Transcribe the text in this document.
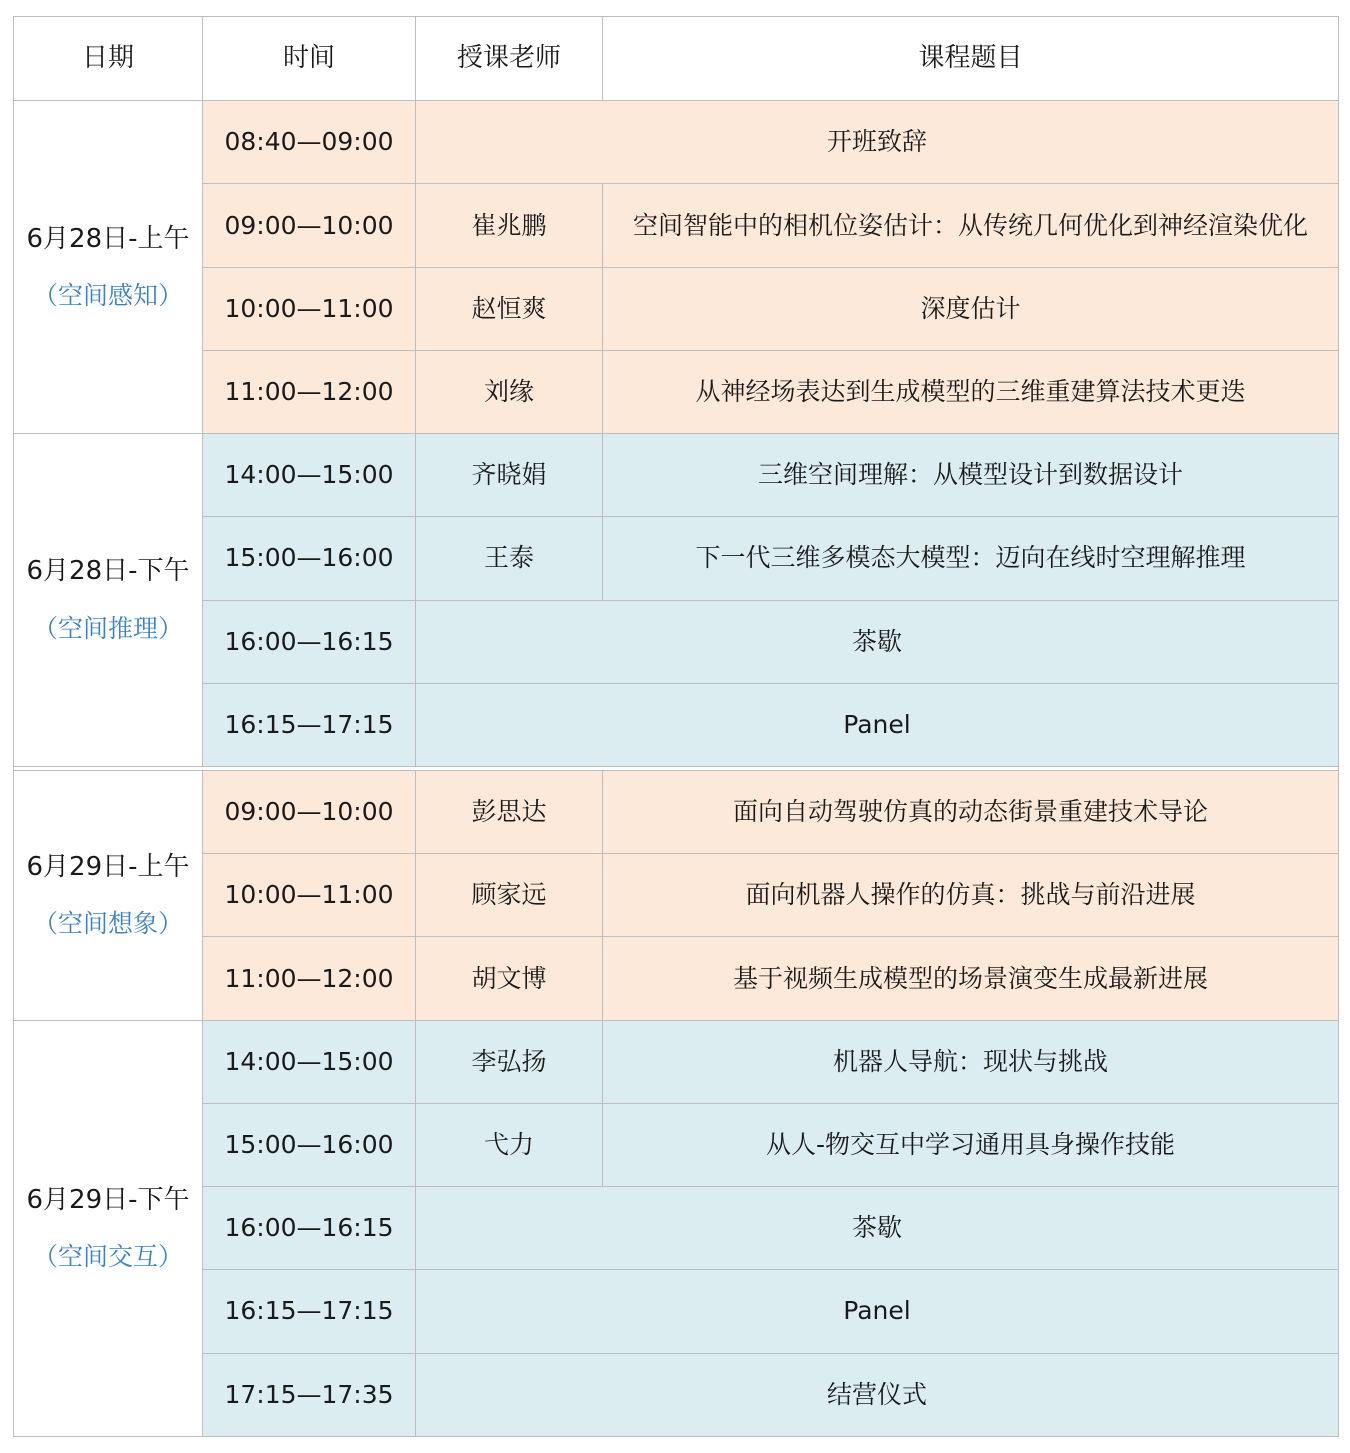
日期	时间	授课老师	课程题目

6月28日-上午
（空间感知）	08:40—09:00	开班致辞	
	09:00—10:00	崔兆鹏	空间智能中的相机位姿估计：从传统几何优化到神经渲染优化
	10:00—11:00	赵恒爽	深度估计
	11:00—12:00	刘缘	从神经场表达到生成模型的三维重建算法技术更迭

6月28日-下午
（空间推理）	14:00—15:00	齐晓娟	三维空间理解：从模型设计到数据设计
	15:00—16:00	王泰	下一代三维多模态大模型：迈向在线时空理解推理
	16:00—16:15	茶歇	
	16:15—17:15	Panel	

6月29日-上午
（空间想象）	09:00—10:00	彭思达	面向自动驾驶仿真的动态街景重建技术导论
	10:00—11:00	顾家远	面向机器人操作的仿真：挑战与前沿进展
	11:00—12:00	胡文博	基于视频生成模型的场景演变生成最新进展

6月29日-下午
（空间交互）	14:00—15:00	李弘扬	机器人导航：现状与挑战
	15:00—16:00	弋力	从人-物交互中学习通用具身操作技能
	16:00—16:15	茶歇	
	16:15—17:15	Panel	
	17:15—17:35	结营仪式	
